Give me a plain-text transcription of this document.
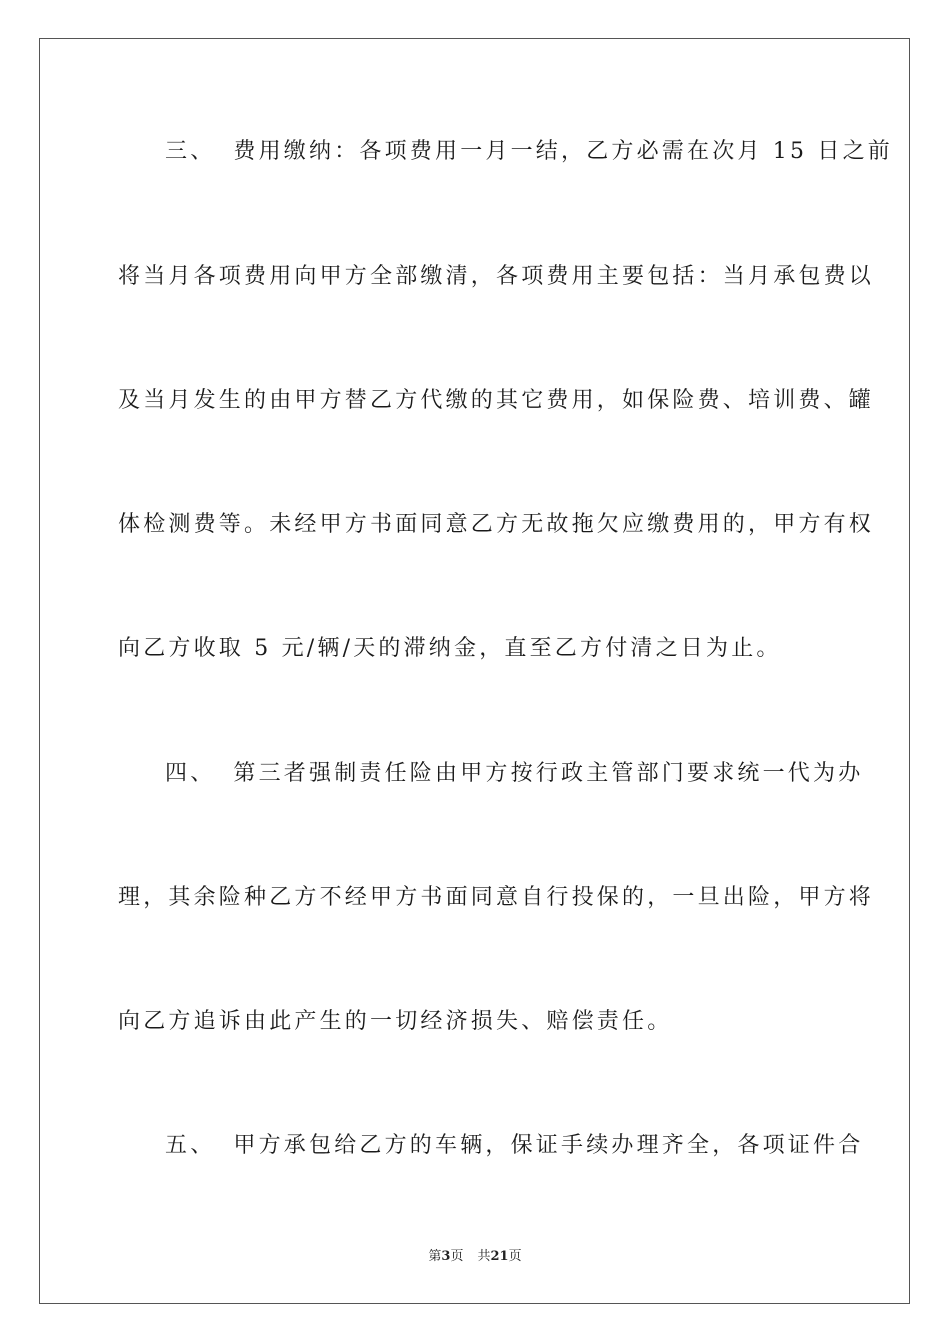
三、 费用缴纳：各项费用一月一结，乙方必需在次月 15 日之前
将当月各项费用向甲方全部缴清，各项费用主要包括：当月承包费以
及当月发生的由甲方替乙方代缴的其它费用，如保险费、培训费、罐
体检测费等。未经甲方书面同意乙方无故拖欠应缴费用的，甲方有权
向乙方收取 5 元/辆/天的滞纳金，直至乙方付清之日为止。
四、 第三者强制责任险由甲方按行政主管部门要求统一代为办
理，其余险种乙方不经甲方书面同意自行投保的，一旦出险，甲方将
向乙方追诉由此产生的一切经济损失、赔偿责任。
五、 甲方承包给乙方的车辆，保证手续办理齐全，各项证件合
第3页 共21页
